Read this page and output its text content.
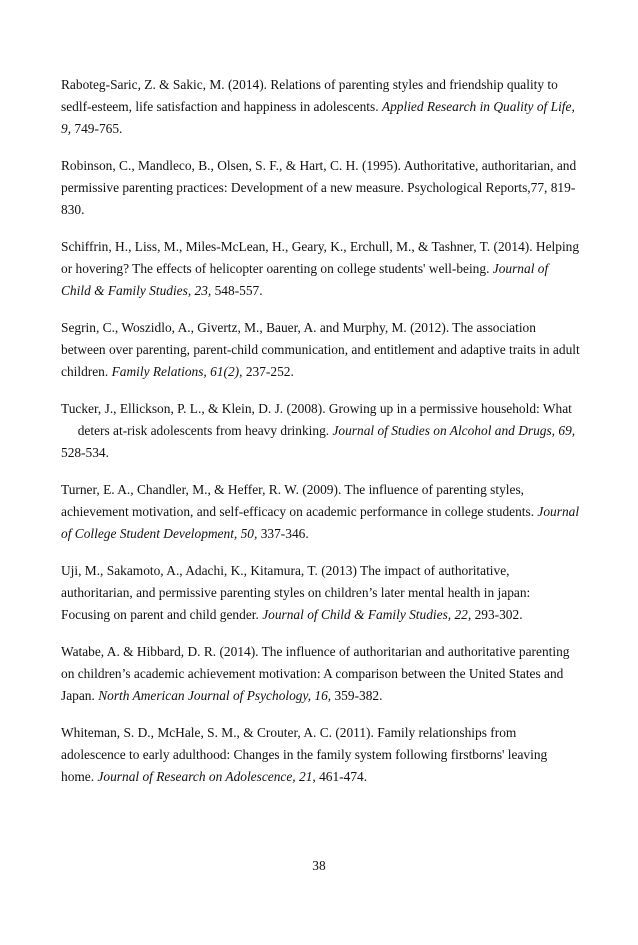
Raboteg-Saric, Z. & Sakic, M. (2014). Relations of parenting styles and friendship quality to sedlf-esteem, life satisfaction and happiness in adolescents. Applied Research in Quality of Life, 9, 749-765.

Robinson, C., Mandleco, B., Olsen, S. F., & Hart, C. H. (1995). Authoritative, authoritarian, and permissive parenting practices: Development of a new measure. Psychological Reports,77, 819-830.

Schiffrin, H., Liss, M., Miles-McLean, H., Geary, K., Erchull, M., & Tashner, T. (2014). Helping or hovering? The effects of helicopter oarenting on college students' well-being. Journal of Child & Family Studies, 23, 548-557.

Segrin, C., Woszidlo, A., Givertz, M., Bauer, A. and Murphy, M. (2012). The association between over parenting, parent-child communication, and entitlement and adaptive traits in adult children. Family Relations, 61(2), 237-252.

Tucker, J., Ellickson, P. L., & Klein, D. J. (2008). Growing up in a permissive household: What      deters at-risk adolescents from heavy drinking. Journal of Studies on Alcohol and Drugs, 69, 528-534.

Turner, E. A., Chandler, M., & Heffer, R. W. (2009). The influence of parenting styles, achievement motivation, and self-efficacy on academic performance in college students. Journal of College Student Development, 50, 337-346.

Uji, M., Sakamoto, A., Adachi, K., Kitamura, T. (2013) The impact of authoritative, authoritarian, and permissive parenting styles on children’s later mental health in japan: Focusing on parent and child gender. Journal of Child & Family Studies, 22, 293-302.

Watabe, A. & Hibbard, D. R. (2014). The influence of authoritarian and authoritative parenting on children’s academic achievement motivation: A comparison between the United States and Japan. North American Journal of Psychology, 16, 359-382.

Whiteman, S. D., McHale, S. M., & Crouter, A. C. (2011). Family relationships from adolescence to early adulthood: Changes in the family system following firstborns' leaving home. Journal of Research on Adolescence, 21, 461-474.

38
